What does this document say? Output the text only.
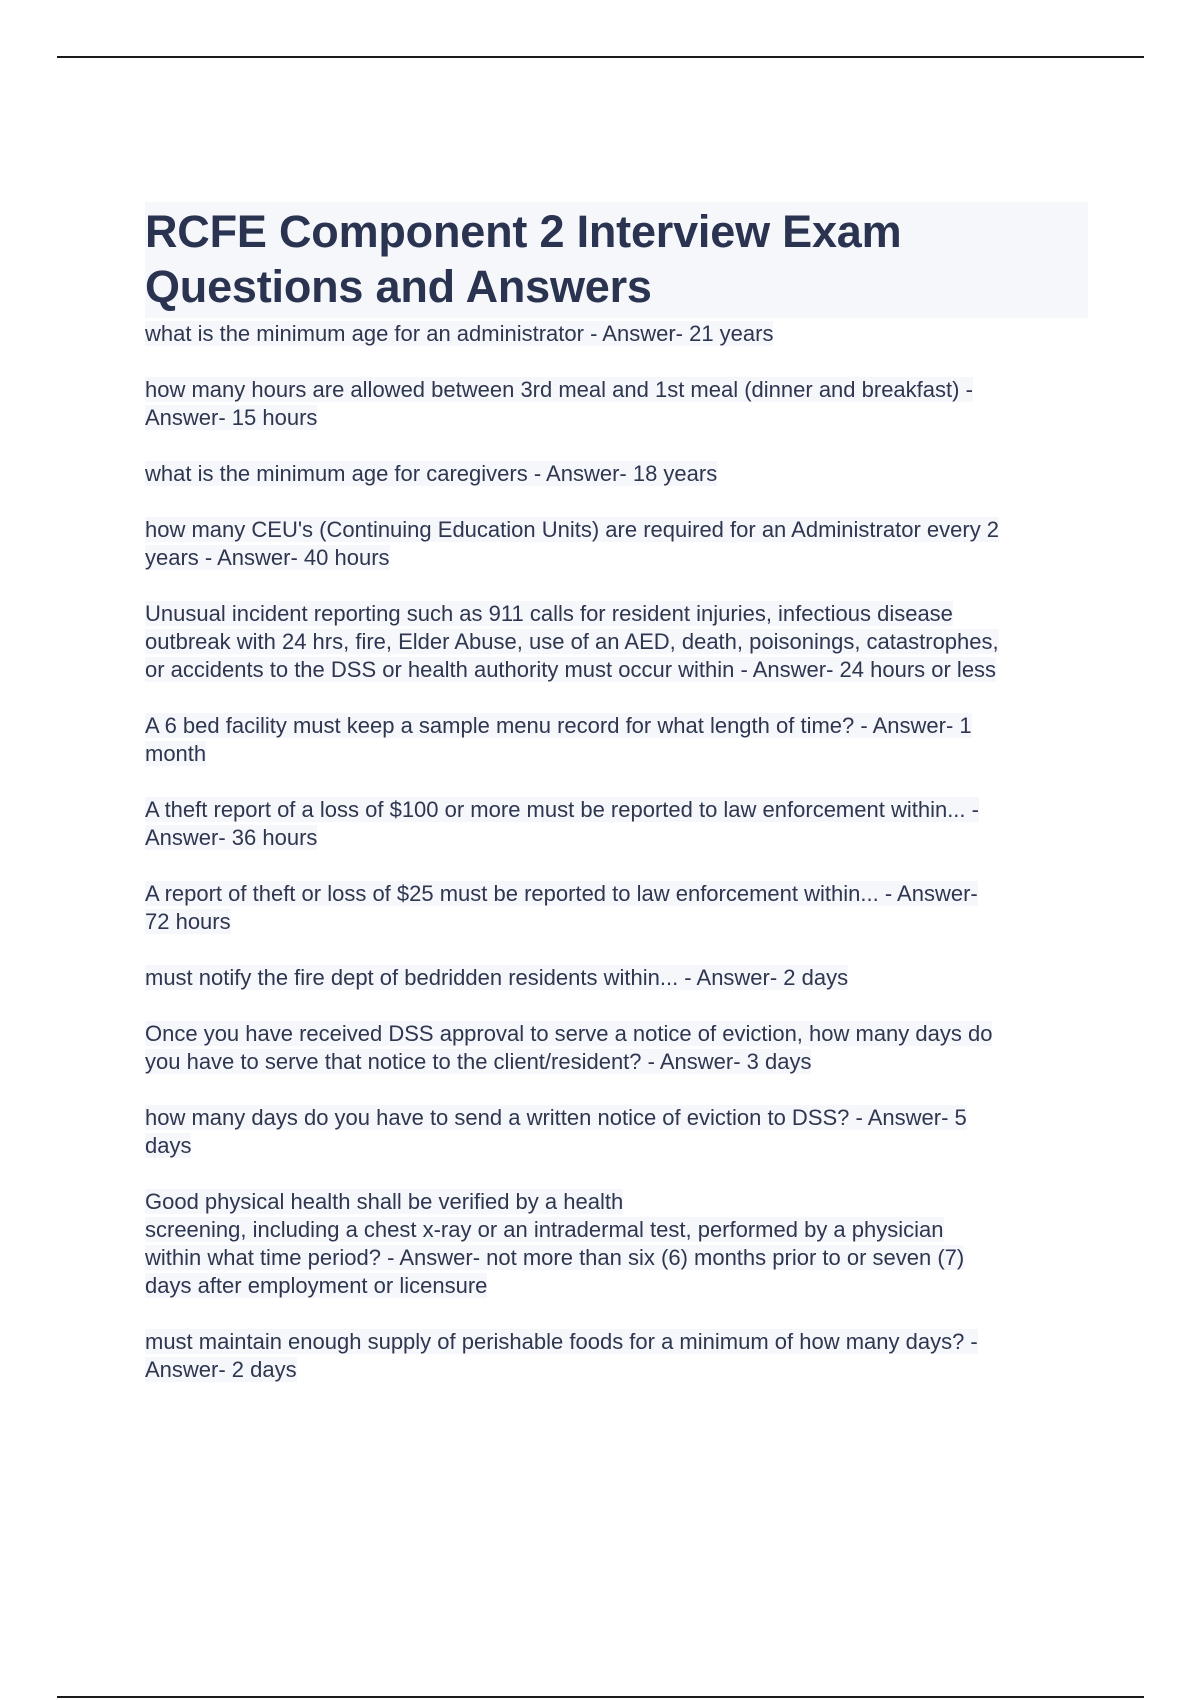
RCFE Component 2 Interview Exam
Questions and Answers

what is the minimum age for an administrator - Answer- 21 years

how many hours are allowed between 3rd meal and 1st meal (dinner and breakfast) -
Answer- 15 hours

what is the minimum age for caregivers - Answer- 18 years

how many CEU's (Continuing Education Units) are required for an Administrator every 2
years - Answer- 40 hours

Unusual incident reporting such as 911 calls for resident injuries, infectious disease
outbreak with 24 hrs, fire, Elder Abuse, use of an AED, death, poisonings, catastrophes,
or accidents to the DSS or health authority must occur within - Answer- 24 hours or less

A 6 bed facility must keep a sample menu record for what length of time? - Answer- 1
month

A theft report of a loss of $100 or more must be reported to law enforcement within... -
Answer- 36 hours

A report of theft or loss of $25 must be reported to law enforcement within... - Answer-
72 hours

must notify the fire dept of bedridden residents within... - Answer- 2 days

Once you have received DSS approval to serve a notice of eviction, how many days do
you have to serve that notice to the client/resident? - Answer- 3 days

how many days do you have to send a written notice of eviction to DSS? - Answer- 5
days

Good physical health shall be verified by a health
screening, including a chest x-ray or an intradermal test, performed by a physician
within what time period? - Answer- not more than six (6) months prior to or seven (7)
days after employment or licensure

must maintain enough supply of perishable foods for a minimum of how many days? -
Answer- 2 days
